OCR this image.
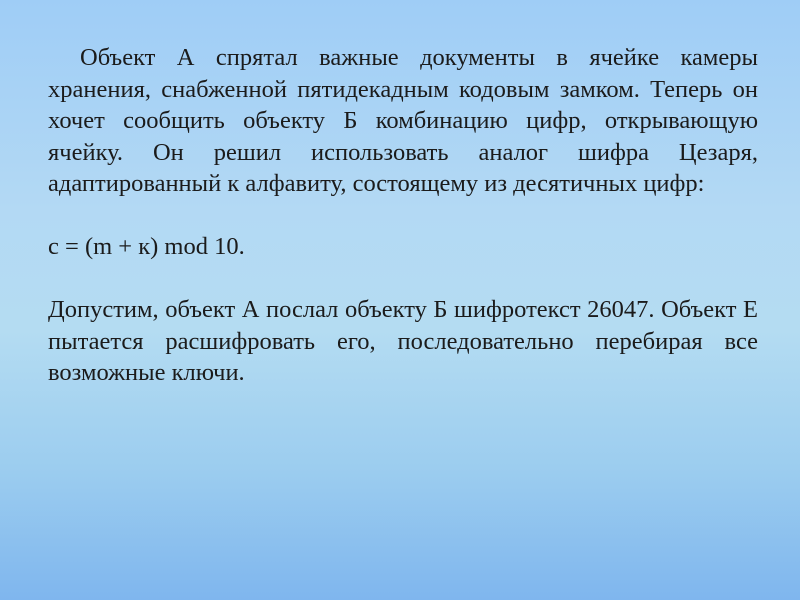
Объект А спрятал важные документы в ячейке камеры хранения, снабженной пятидекадным кодовым замком. Теперь он хочет сообщить объекту Б комбинацию цифр, открывающую ячейку. Он решил использовать аналог шифра Цезаря, адаптированный к алфавиту, состоящему из десятичных цифр:

с = (m + к) mod 10.

Допустим, объект А послал объекту Б шифротекст 26047. Объект Е пытается расшифровать его, последовательно перебирая все возможные ключи.
